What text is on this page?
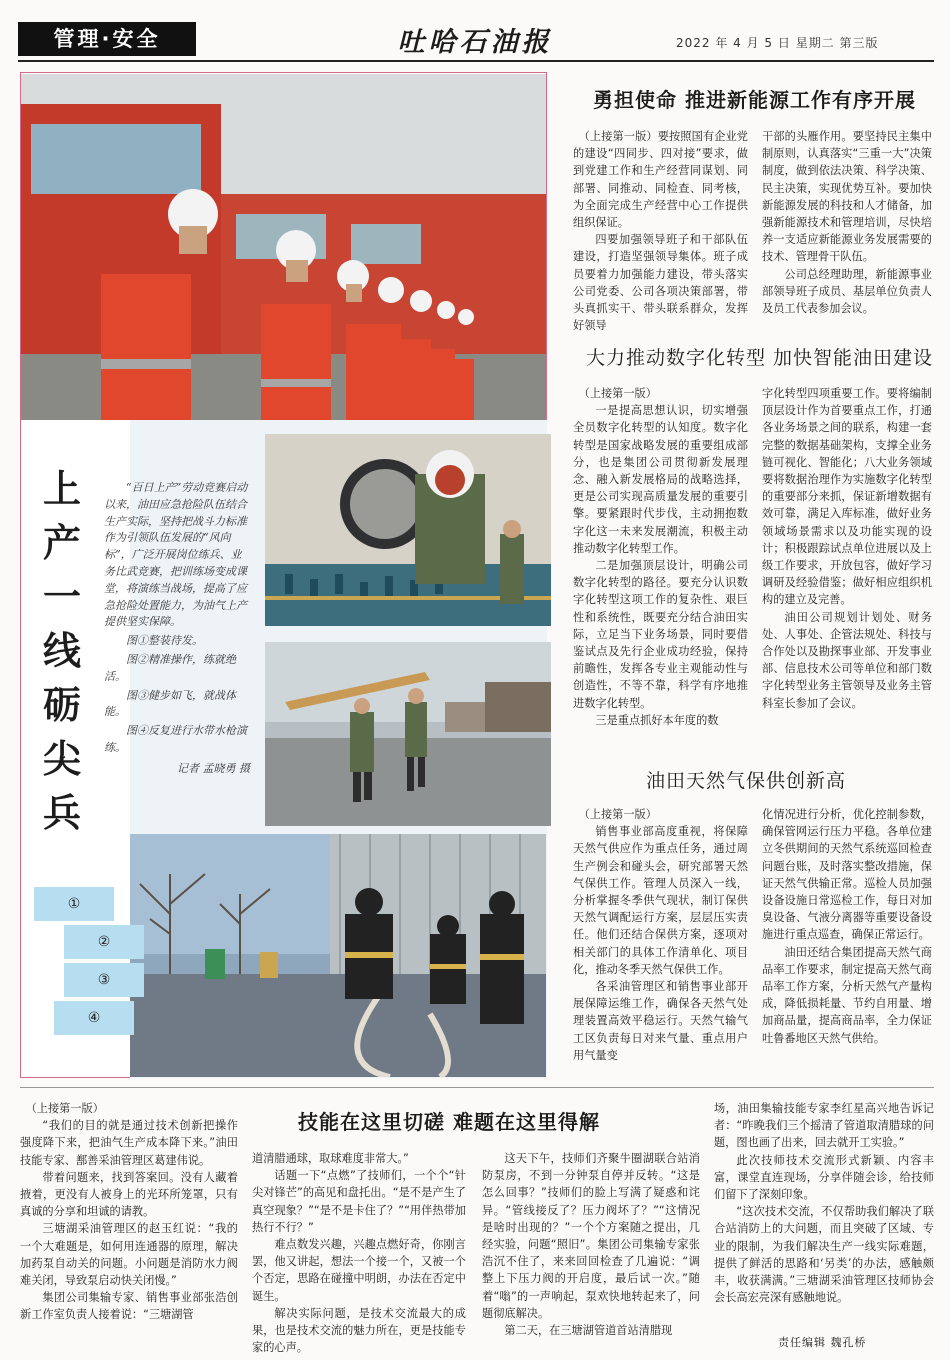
管理·安全	吐哈石油报	2022 年 4 月 5 日 星期二 第三版
上
产
一
线
砺
尖
兵

“百日上产”劳动竞赛启动以来，油田应急抢险队伍结合生产实际，坚持把战斗力标准作为引领队伍发展的“风向标”，广泛开展岗位练兵、业务比武竞赛，把训练场变成课堂，将演练当战场，提高了应急抢险处置能力，为油气上产提供坚实保障。

图①整装待发。

图②精准操作，练就绝活。

图③健步如飞，就战体能。

图④反复进行水带水枪演练。

记者 孟晓勇 摄

①
②
③
④
勇担使命 推进新能源工作有序开展

（上接第一版）要按照国有企业党的建设“四同步、四对接”要求，做到党建工作和生产经营同谋划、同部署、同推动、同检查、同考核，为全面完成生产经营中心工作提供组织保证。

四要加强领导班子和干部队伍建设，打造坚强领导集体。班子成员要着力加强能力建设，带头落实公司党委、公司各项决策部署，带头真抓实干、带头联系群众，发挥好领导

干部的头雁作用。要坚持民主集中制原则，认真落实“三重一大”决策制度，做到依法决策、科学决策、民主决策，实现优势互补。要加快新能源发展的科技和人才储备，加强新能源技术和管理培训，尽快培养一支适应新能源业务发展需要的技术、管理骨干队伍。

公司总经理助理，新能源事业部领导班子成员、基层单位负责人及员工代表参加会议。

大力推动数字化转型 加快智能油田建设

（上接第一版）

一是提高思想认识，切实增强全员数字化转型的认知度。数字化转型是国家战略发展的重要组成部分，也是集团公司贯彻新发展理念、融入新发展格局的战略选择，更是公司实现高质量发展的重要引擎。要紧跟时代步伐，主动拥抱数字化这一未来发展潮流，积极主动推动数字化转型工作。

二是加强顶层设计，明确公司数字化转型的路径。要充分认识数字化转型这项工作的复杂性、艰巨性和系统性，既要充分结合油田实际，立足当下业务场景，同时要借鉴试点及先行企业成功经验，保持前瞻性，发挥各专业主观能动性与创造性，不等不靠，科学有序地推进数字化转型。

三是重点抓好本年度的数

字化转型四项重要工作。要将编制顶层设计作为首要重点工作，打通各业务场景之间的联系，构建一套完整的数据基础架构，支撑全业务链可视化、智能化；八大业务领域要将数据治理作为实施数字化转型的重要部分来抓，保证新增数据有效可靠，满足入库标准，做好业务领域场景需求以及功能实现的设计；积极跟踪试点单位进展以及上级工作要求，开放包容，做好学习调研及经验借鉴；做好相应组织机构的建立及完善。

油田公司规划计划处、财务处、人事处、企管法规处、科技与合作处以及勘探事业部、开发事业部、信息技术公司等单位和部门数字化转型业务主管领导及业务主管科室长参加了会议。

油田天然气保供创新高

（上接第一版）

销售事业部高度重视，将保障天然气供应作为重点任务，通过周生产例会和碰头会，研究部署天然气保供工作。管理人员深入一线，分析掌握冬季供气现状，制订保供天然气调配运行方案，层层压实责任。他们还结合保供方案，逐项对相关部门的具体工作清单化、项目化，推动冬季天然气保供工作。

各采油管理区和销售事业部开展保障运维工作，确保各天然气处理装置高效平稳运行。天然气输气工区负责每日对来气量、重点用户用气量变

化情况进行分析，优化控制参数，确保管网运行压力平稳。各单位建立冬供期间的天然气系统巡回检查问题台账，及时落实整改措施，保证天然气供输正常。巡检人员加强设备设施日常巡检工作，每日对加臭设备、气液分离器等重要设备设施进行重点巡查，确保正常运行。

油田还结合集团提高天然气商品率工作要求，制定提高天然气商品率工作方案，分析天然气产量构成，降低损耗量、节约自用量、增加商品量，提高商品率，全力保证吐鲁番地区天然气供给。

技能在这里切磋 难题在这里得解

（上接第一版）

“我们的目的就是通过技术创新把操作强度降下来，把油气生产成本降下来。”油田技能专家、鄯善采油管理区葛建伟说。

带着问题来，找到答案回。没有人藏着掖着，更没有人被身上的光环所笼罩，只有真诚的分享和坦诚的请教。

三塘湖采油管理区的赵玉红说：“我的一个大难题是，如何用连通器的原理，解决加药泵自动关的问题。小问题是消防水力阀难关闭，导致泵启动快关闭慢。”

集团公司集输专家、销售事业部张浩创新工作室负责人接着说：“三塘湖管

道清腊通球，取球难度非常大。”

话题一下“点燃”了技师们，一个个“针尖对锋芒”的高见和盘托出。“是不是产生了真空现象？”“是不是卡住了？”“用伴热带加热行不行？”

难点数发兴趣，兴趣点燃好奇，你刚言罢，他又讲起，想法一个接一个，又被一个个否定，思路在碰撞中明朗，办法在否定中诞生。

解决实际问题，是技术交流最大的成果，也是技术交流的魅力所在，更是技能专家的心声。

这天下午，技师们齐聚牛圈湖联合站消防泵房，不到一分钟泵自停并反转。“这是怎么回事？”技师们的脸上写满了疑惑和诧异。“管线接反了？压力阀坏了？”“这情况是啥时出现的？”一个个方案随之提出，几经实验，问题“照旧”。集团公司集输专家张浩沉不住了，来来回回检查了几遍说：“调整上下压力阀的开启度，最后试一次。”随着“嗡”的一声响起，泵欢快地转起来了，问题彻底解决。

第二天，在三塘湖管道首站清腊现

场，油田集输技能专家李红星高兴地告诉记者：“昨晚我们三个摇清了管道取清腊球的问题，图也画了出来，回去就开工实验。”

此次技师技术交流形式新颖、内容丰富，课堂直连现场，分享伴随会诊，给技师们留下了深刻印象。

“这次技术交流，不仅帮助我们解决了联合站消防上的大问题，而且突破了区域、专业的限制，为我们解决生产一线实际难题，提供了鲜活的思路和‘另类’的办法，感触颇丰，收获满满。”三塘湖采油管理区技师协会会长高宏亮深有感触地说。

责任编辑 魏孔桥
